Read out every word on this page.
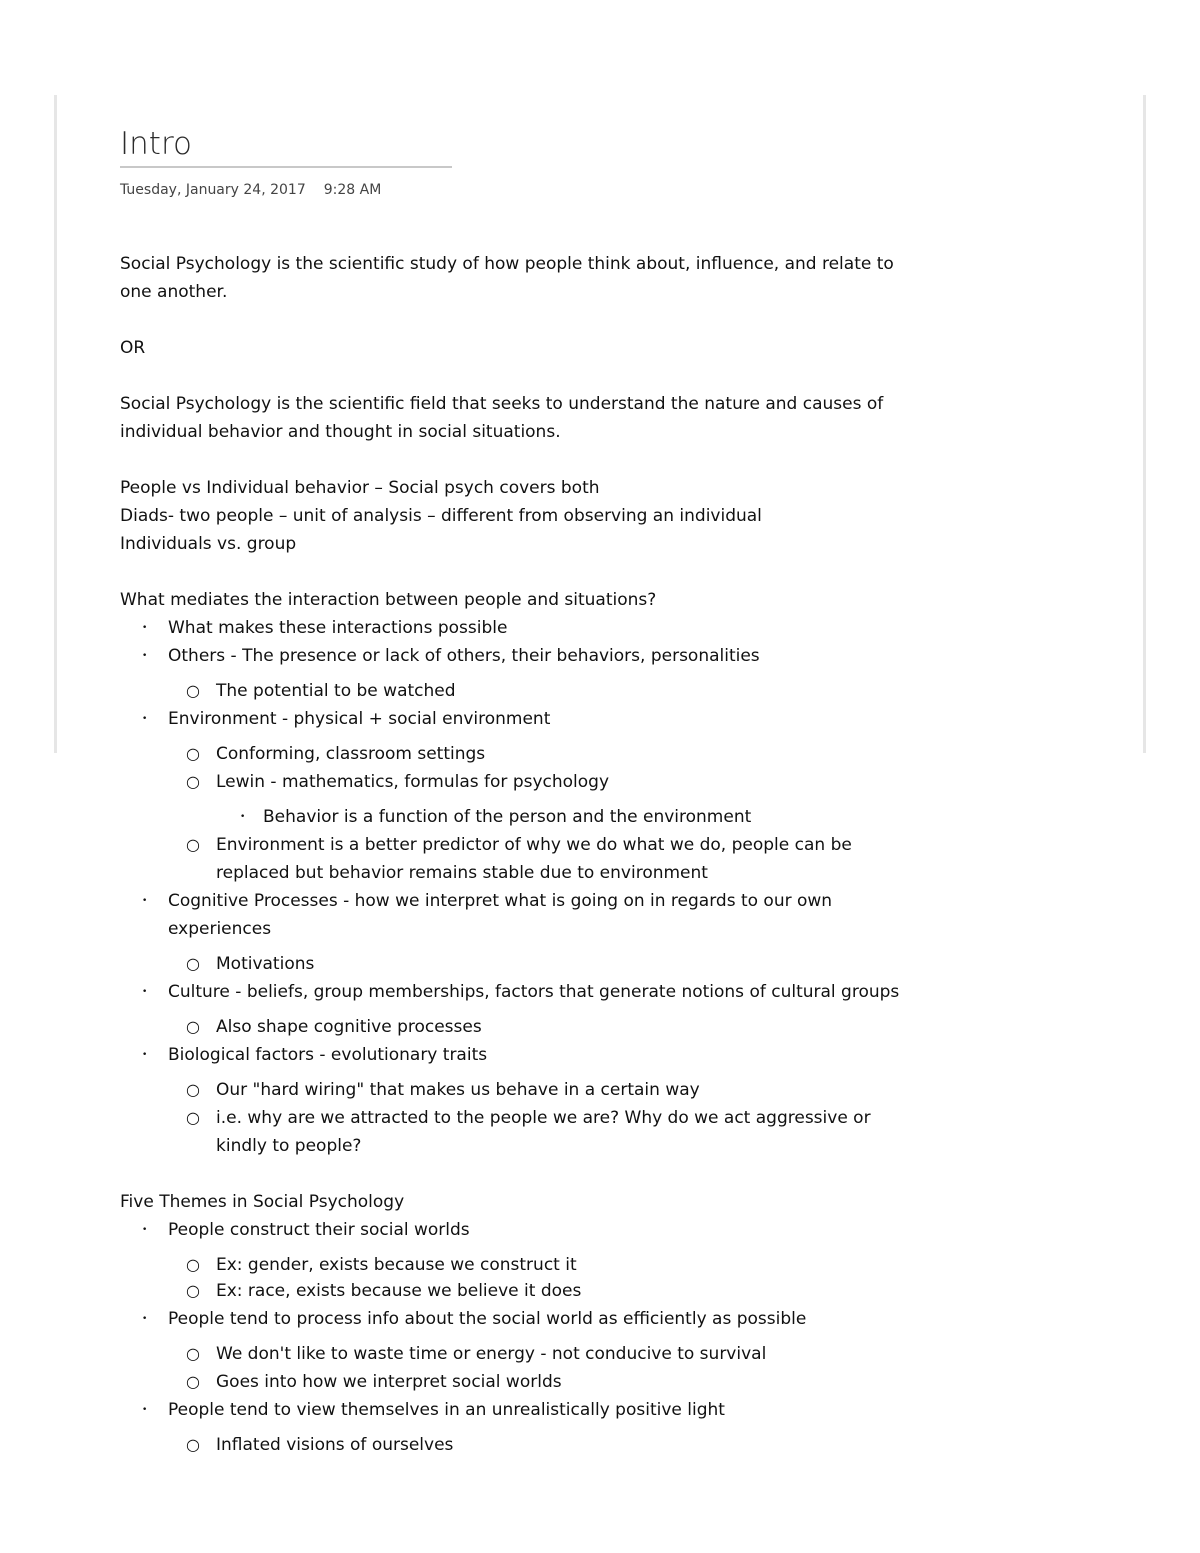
Intro
Tuesday, January 24, 2017 9:28 AM

Social Psychology is the scientific study of how people think about, influence, and relate to one another.

OR

Social Psychology is the scientific field that seeks to understand the nature and causes of individual behavior and thought in social situations.

People vs Individual behavior – Social psych covers both

Diads- two people – unit of analysis – different from observing an individual

Individuals vs. group

What mediates the interaction between people and situations?

• What makes these interactions possible
• Others - The presence or lack of others, their behaviors, personalities
○ The potential to be watched
• Environment - physical + social environment
○ Conforming, classroom settings
○ Lewin - mathematics, formulas for psychology
• Behavior is a function of the person and the environment
○ Environment is a better predictor of why we do what we do, people can be replaced but behavior remains stable due to environment
• Cognitive Processes - how we interpret what is going on in regards to our own experiences
○ Motivations
• Culture - beliefs, group memberships, factors that generate notions of cultural groups
○ Also shape cognitive processes
• Biological factors - evolutionary traits
○ Our "hard wiring" that makes us behave in a certain way
○ i.e. why are we attracted to the people we are? Why do we act aggressive or kindly to people?

Five Themes in Social Psychology

• People construct their social worlds
○ Ex: gender, exists because we construct it
○ Ex: race, exists because we believe it does
• People tend to process info about the social world as efficiently as possible
○ We don't like to waste time or energy - not conducive to survival
○ Goes into how we interpret social worlds
• People tend to view themselves in an unrealistically positive light
○ Inflated visions of ourselves
